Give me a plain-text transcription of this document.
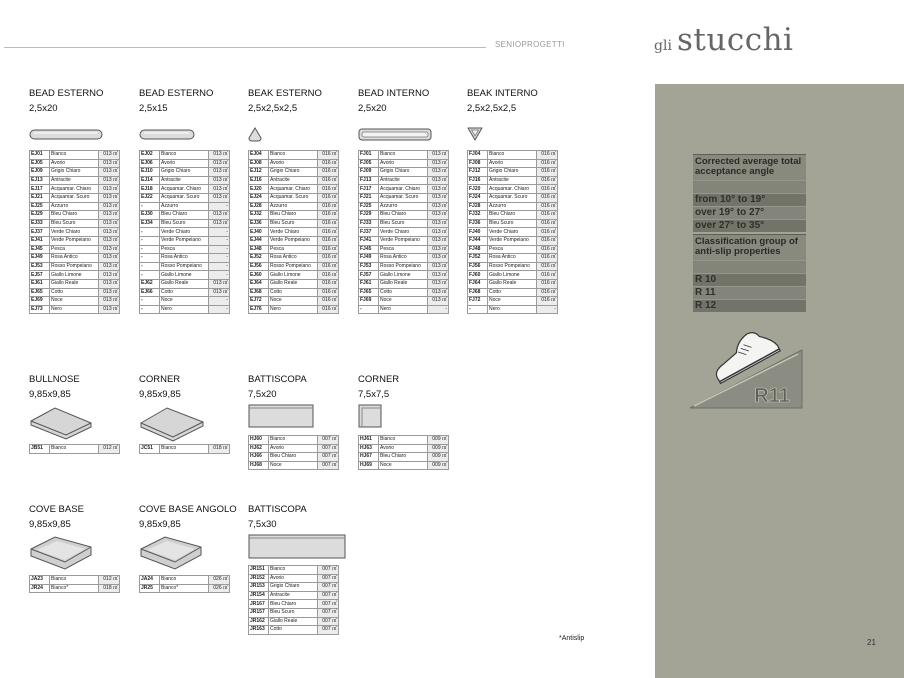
SENIOPROGETTI	gli stucchi
BEAD ESTERNO
2,5x20
EJ01	Bianco	013 ㎡
EJ05	Avorio	013 ㎡
EJ09	Grigio Chiaro	013 ㎡
EJ13	Antracite	013 ㎡
EJ17	Acquamar. Chiaro	013 ㎡
EJ21	Acquamar. Scuro	013 ㎡
EJ25	Azzurro	013 ㎡
EJ29	Bleu Chiaro	013 ㎡
EJ33	Bleu Scuro	013 ㎡
EJ37	Verde Chiaro	013 ㎡
EJ41	Verde Pompeiano	013 ㎡
EJ45	Pesca	013 ㎡
EJ49	Rosa Antico	013 ㎡
EJ53	Rosso Pompeiano	013 ㎡
EJ57	Giallo Limone	013 ㎡
EJ61	Giallo Reale	013 ㎡
EJ65	Cotto	013 ㎡
EJ69	Noce	013 ㎡
EJ73	Nero	013 ㎡
BEAD ESTERNO
2,5x15
EJ02	Bianco	013 ㎡
EJ06	Avorio	013 ㎡
EJ10	Grigio Chiaro	013 ㎡
EJ14	Antracite	013 ㎡
EJ18	Acquamar. Chiaro	013 ㎡
EJ22	Acquamar. Scuro	013 ㎡
-	Azzurro	-
EJ30	Bleu Chiaro	013 ㎡
EJ34	Bleu Scuro	013 ㎡
-	Verde Chiaro	-
-	Verde Pompeiano	-
-	Pesca	-
-	Rosa Antico	-
-	Rosso Pompeiano	-
-	Giallo Limone	-
EJ62	Giallo Reale	013 ㎡
EJ66	Cotto	013 ㎡
-	Noce	-
-	Nero	-
BEAK ESTERNO
2,5x2,5x2,5
EJ04	Bianco	016 ㎡
EJ08	Avorio	016 ㎡
EJ12	Grigio Chiaro	016 ㎡
EJ16	Antracite	016 ㎡
EJ20	Acquamar. Chiaro	016 ㎡
EJ24	Acquamar. Scuro	016 ㎡
EJ28	Azzurro	016 ㎡
EJ32	Bleu Chiaro	016 ㎡
EJ36	Bleu Scuro	016 ㎡
EJ40	Verde Chiaro	016 ㎡
EJ44	Verde Pompeiano	016 ㎡
EJ48	Pesca	016 ㎡
EJ52	Rosa Antico	016 ㎡
EJ56	Rosso Pompeiano	016 ㎡
EJ60	Giallo Limone	016 ㎡
EJ64	Giallo Reale	016 ㎡
EJ68	Cotto	016 ㎡
EJ72	Noce	016 ㎡
EJ76	Nero	016 ㎡
BEAD INTERNO
2,5x20
FJ01	Bianco	013 ㎡
FJ05	Avorio	013 ㎡
FJ09	Grigio Chiaro	013 ㎡
FJ13	Antracite	013 ㎡
FJ17	Acquamar. Chiaro	013 ㎡
FJ21	Acquamar. Scuro	013 ㎡
FJ25	Azzurro	013 ㎡
FJ29	Bleu Chiaro	013 ㎡
FJ33	Bleu Scuro	013 ㎡
FJ37	Verde Chiaro	013 ㎡
FJ41	Verde Pompeiano	013 ㎡
FJ45	Pesca	013 ㎡
FJ49	Rosa Antico	013 ㎡
FJ53	Rosso Pompeiano	013 ㎡
FJ57	Giallo Limone	013 ㎡
FJ61	Giallo Reale	013 ㎡
FJ65	Cotto	013 ㎡
FJ69	Noce	013 ㎡
-	Nero	-
BEAK INTERNO
2,5x2,5x2,5
FJ04	Bianco	016 ㎡
FJ08	Avorio	016 ㎡
FJ12	Grigio Chiaro	016 ㎡
FJ16	Antracite	016 ㎡
FJ20	Acquamar. Chiaro	016 ㎡
FJ24	Acquamar. Scuro	016 ㎡
FJ28	Azzurro	016 ㎡
FJ32	Bleu Chiaro	016 ㎡
FJ36	Bleu Scuro	016 ㎡
FJ40	Verde Chiaro	016 ㎡
FJ44	Verde Pompeiano	016 ㎡
FJ48	Pesca	016 ㎡
FJ52	Rosa Antico	016 ㎡
FJ56	Rosso Pompeiano	016 ㎡
FJ60	Giallo Limone	016 ㎡
FJ64	Giallo Reale	016 ㎡
FJ68	Cotto	016 ㎡
FJ72	Noce	016 ㎡
-	Nero	-
BULLNOSE
9,85x9,85
JB51	Bianco	012 ㎡
CORNER
9,85x9,85
JC51	Bianco	018 ㎡
BATTISCOPA
7,5x20
HJ60	Bianco	007 ㎡
HJ62	Avorio	007 ㎡
HJ66	Bleu Chiaro	007 ㎡
HJ68	Noce	007 ㎡
CORNER
7,5x7,5
HJ61	Bianco	009 ㎡
HJ63	Avorio	009 ㎡
HJ67	Bleu Chiaro	009 ㎡
HJ69	Noce	009 ㎡
COVE BASE
9,85x9,85
JA23	Bianco	012 ㎡
JR24	Bianco*	018 ㎡
COVE BASE ANGOLO
9,85x9,85
JA24	Bianco	026 ㎡
JR25	Bianco*	026 ㎡
BATTISCOPA
7,5x30
JR151	Bianco	007 ㎡
JR152	Avorio	007 ㎡
JR153	Grigio Chiaro	007 ㎡
JR154	Antracite	007 ㎡
JR167	Bleu Chiaro	007 ㎡
JR157	Bleu Scuro	007 ㎡
JR162	Giallo Reale	007 ㎡
JR163	Cotto	007 ㎡
*Antislip
Corrected average total acceptance angle
from 10° to 19°
over 19° to 27°
over 27° to 35°
Classification group of anti-slip properties
R 10
R 11
R 12
R11
21
